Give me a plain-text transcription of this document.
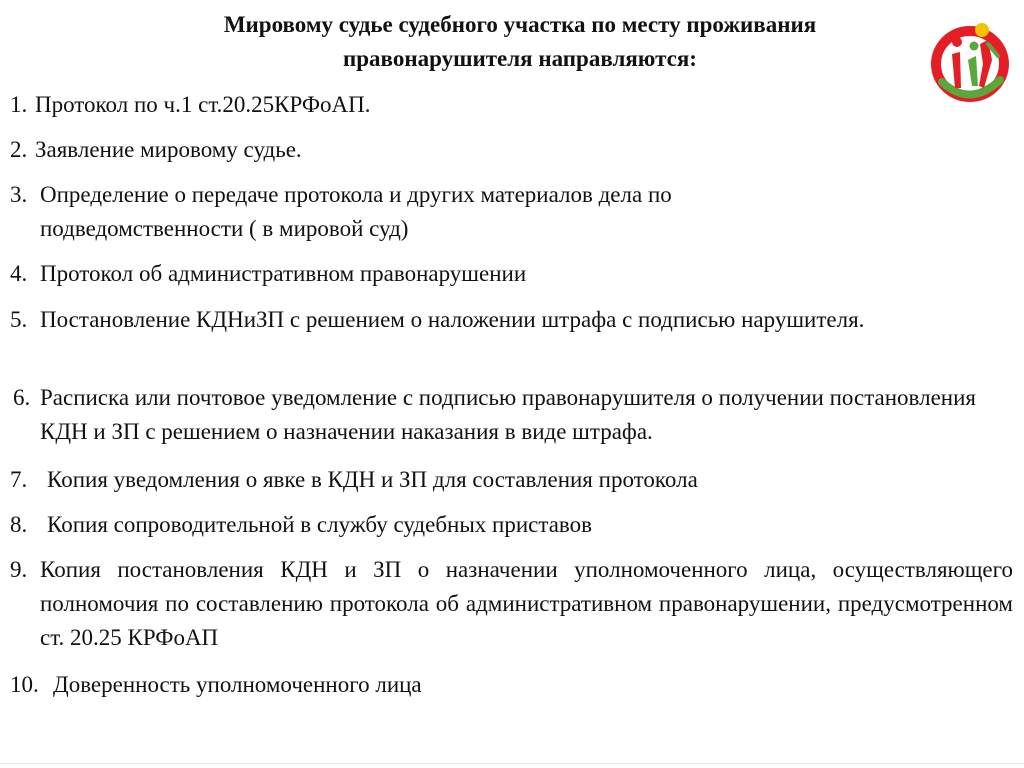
Мировому судье судебного участка по месту проживания
правонарушителя направляются:
1. Протокол по ч.1 ст.20.25КРФоАП.
2. Заявление мировому судье.
3. Определение о передаче протокола и других материалов дела по подведомственности ( в мировой суд)
4. Протокол об административном правонарушении
5. Постановление КДНиЗП с решением о наложении штрафа с подписью нарушителя.
6. Расписка или почтовое уведомление с подписью правонарушителя о получении постановления КДН и ЗП с решением о назначении наказания в виде штрафа.
7. Копия уведомления о явке в КДН и ЗП для составления протокола
8. Копия сопроводительной в службу судебных приставов
9. Копия постановления КДН и ЗП о назначении уполномоченного лица, осуществляющего полномочия по составлению протокола об административном правонарушении, предусмотренном ст. 20.25 КРФоАП
10. Доверенность уполномоченного лица
